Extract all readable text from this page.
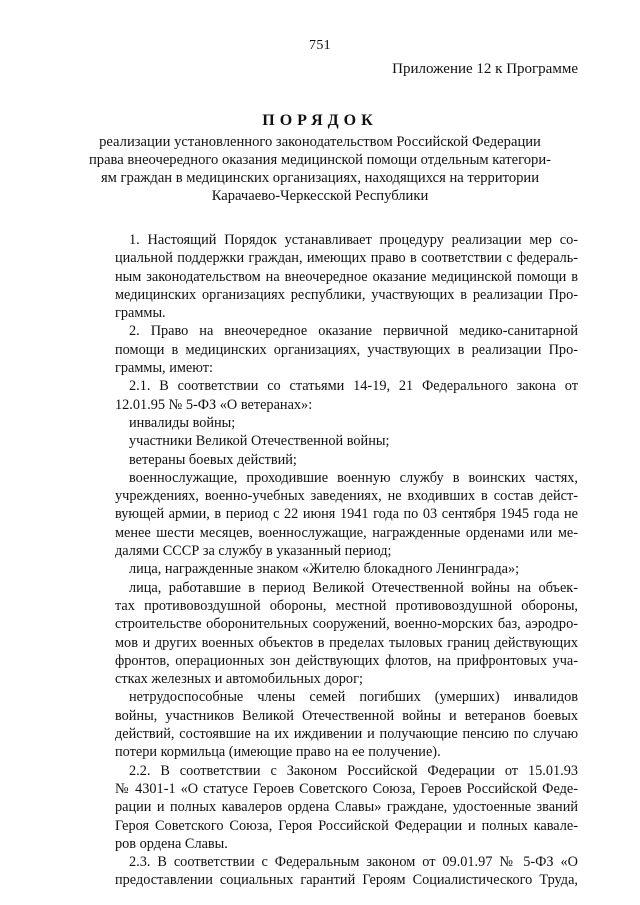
751
Приложение 12 к Программе
ПОРЯДОК
реализации установленного законодательством Российской Федерации
права внеочередного оказания медицинской помощи отдельным категори-
ям граждан в медицинских организациях, находящихся на территории
Карачаево-Черкесской Республики
1. Настоящий Порядок устанавливает процедуру реализации мер со-
циальной поддержки граждан, имеющих право в соответствии с федераль-
ным законодательством на внеочередное оказание медицинской помощи в
медицинских организациях республики, участвующих в реализации Про-
граммы.
2. Право на внеочередное оказание первичной медико-санитарной
помощи в медицинских организациях, участвующих в реализации Про-
граммы, имеют:
2.1. В соответствии со статьями 14-19, 21 Федерального закона от
12.01.95 № 5-ФЗ «О ветеранах»:
инвалиды войны;
участники Великой Отечественной войны;
ветераны боевых действий;
военнослужащие, проходившие военную службу в воинских частях,
учреждениях, военно-учебных заведениях, не входивших в состав дейст-
вующей армии, в период с 22 июня 1941 года по 03 сентября 1945 года не
менее шести месяцев, военнослужащие, награжденные орденами или ме-
далями СССР за службу в указанный период;
лица, награжденные знаком «Жителю блокадного Ленинграда»;
лица, работавшие в период Великой Отечественной войны на объек-
тах противовоздушной обороны, местной противовоздушной обороны,
строительстве оборонительных сооружений, военно-морских баз, аэродро-
мов и других военных объектов в пределах тыловых границ действующих
фронтов, операционных зон действующих флотов, на прифронтовых уча-
стках железных и автомобильных дорог;
нетрудоспособные члены семей погибших (умерших) инвалидов
войны, участников Великой Отечественной войны и ветеранов боевых
действий, состоявшие на их иждивении и получающие пенсию по случаю
потери кормильца (имеющие право на ее получение).
2.2. В соответствии с Законом Российской Федерации от 15.01.93
№ 4301-1 «О статусе Героев Советского Союза, Героев Российской Феде-
рации и полных кавалеров ордена Славы» граждане, удостоенные званий
Героя Советского Союза, Героя Российской Федерации и полных кавале-
ров ордена Славы.
2.3. В соответствии с Федеральным законом от 09.01.97 № 5-ФЗ «О
предоставлении социальных гарантий Героям Социалистического Труда,
